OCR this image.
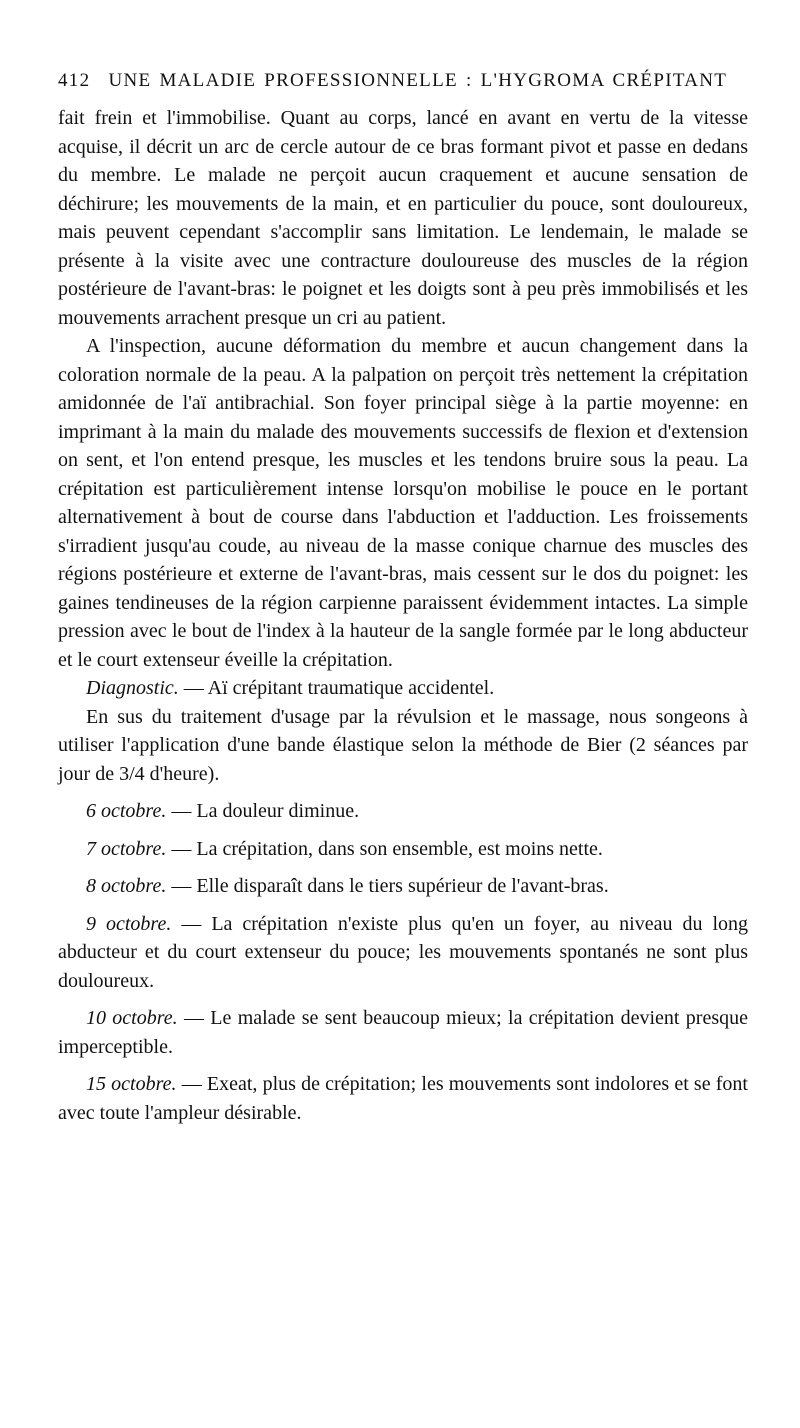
412 UNE MALADIE PROFESSIONNELLE : L'HYGROMA CRÉPITANT

fait frein et l'immobilise. Quant au corps, lancé en avant en vertu de la vitesse acquise, il décrit un arc de cercle autour de ce bras formant pivot et passe en dedans du membre. Le malade ne perçoit aucun craquement et aucune sensation de déchirure; les mouvements de la main, et en particulier du pouce, sont douloureux, mais peuvent cependant s'accomplir sans limitation. Le lendemain, le malade se présente à la visite avec une contracture douloureuse des muscles de la région postérieure de l'avant-bras: le poignet et les doigts sont à peu près immobilisés et les mouvements arrachent presque un cri au patient.

A l'inspection, aucune déformation du membre et aucun changement dans la coloration normale de la peau. A la palpation on perçoit très nettement la crépitation amidonnée de l'aï antibrachial. Son foyer principal siège à la partie moyenne: en imprimant à la main du malade des mouvements successifs de flexion et d'extension on sent, et l'on entend presque, les muscles et les tendons bruire sous la peau. La crépitation est particulièrement intense lorsqu'on mobilise le pouce en le portant alternativement à bout de course dans l'abduction et l'adduction. Les froissements s'irradient jusqu'au coude, au niveau de la masse conique charnue des muscles des régions postérieure et externe de l'avant-bras, mais cessent sur le dos du poignet: les gaines tendineuses de la région carpienne paraissent évidemment intactes. La simple pression avec le bout de l'index à la hauteur de la sangle formée par le long abducteur et le court extenseur éveille la crépitation.

Diagnostic. — Aï crépitant traumatique accidentel.

En sus du traitement d'usage par la révulsion et le massage, nous songeons à utiliser l'application d'une bande élastique selon la méthode de Bier (2 séances par jour de 3/4 d'heure).

6 octobre. — La douleur diminue.

7 octobre. — La crépitation, dans son ensemble, est moins nette.

8 octobre. — Elle disparaît dans le tiers supérieur de l'avant-bras.

9 octobre. — La crépitation n'existe plus qu'en un foyer, au niveau du long abducteur et du court extenseur du pouce; les mouvements spontanés ne sont plus douloureux.

10 octobre. — Le malade se sent beaucoup mieux; la crépitation devient presque imperceptible.

15 octobre. — Exeat, plus de crépitation; les mouvements sont indolores et se font avec toute l'ampleur désirable.
